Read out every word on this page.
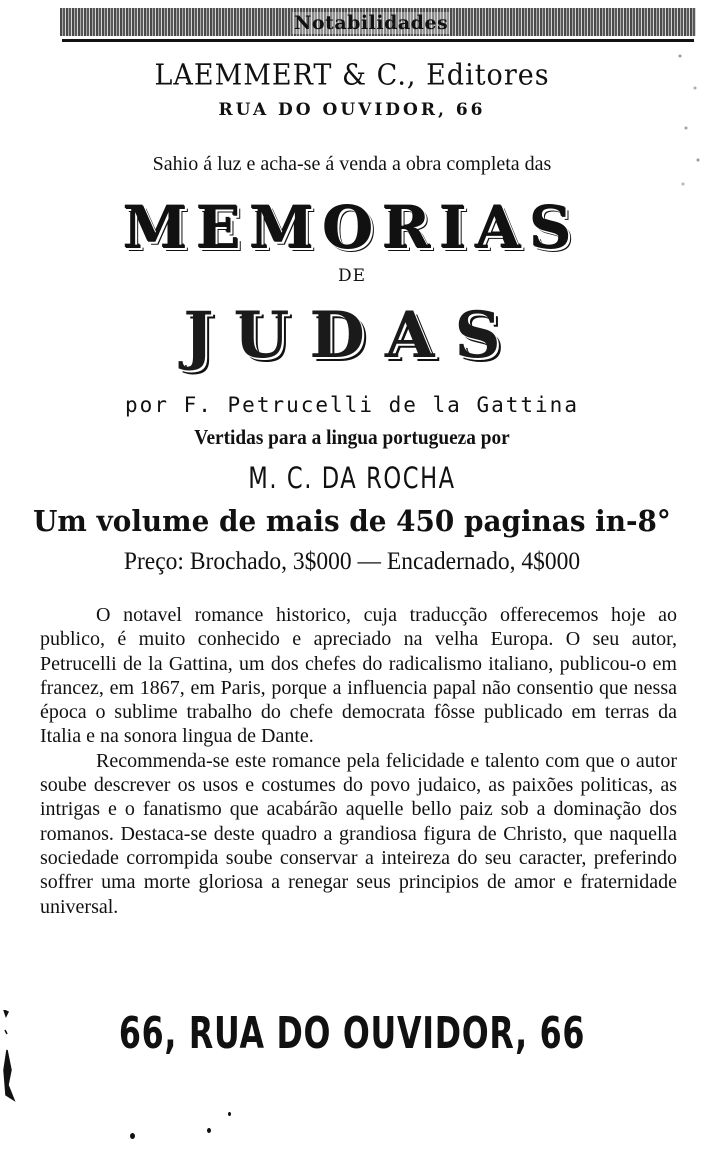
Notabilidades
LAEMMERT & C., Editores
RUA DO OUVIDOR, 66
Sahio á luz e acha-se á venda a obra completa das
MEMORIAS
DE
JUDAS
por F. Petrucelli de la Gattina
Vertidas para a lingua portugueza por
M. C. DA ROCHA
Um volume de mais de 450 paginas in-8°
Preço: Brochado, 3$000 — Encadernado, 4$000

O notavel romance historico, cuja traducção offerecemos hoje ao publico, é muito conhecido e apreciado na velha Europa. O seu autor, Petrucelli de la Gattina, um dos chefes do radicalismo italiano, publicou-o em francez, em 1867, em Paris, porque a influencia papal não consentio que nessa época o sublime trabalho do chefe democrata fôsse publicado em terras da Italia e na sonora lingua de Dante.

Recommenda-se este romance pela felicidade e talento com que o autor soube descrever os usos e costumes do povo judaico, as paixões politicas, as intrigas e o fanatismo que acabárão aquelle bello paiz sob a dominação dos romanos. Destaca-se deste quadro a grandiosa figura de Christo, que naquella sociedade corrompida soube conservar a inteireza do seu caracter, preferindo soffrer uma morte gloriosa a renegar seus principios de amor e fraternidade universal.

66, RUA DO OUVIDOR, 66
